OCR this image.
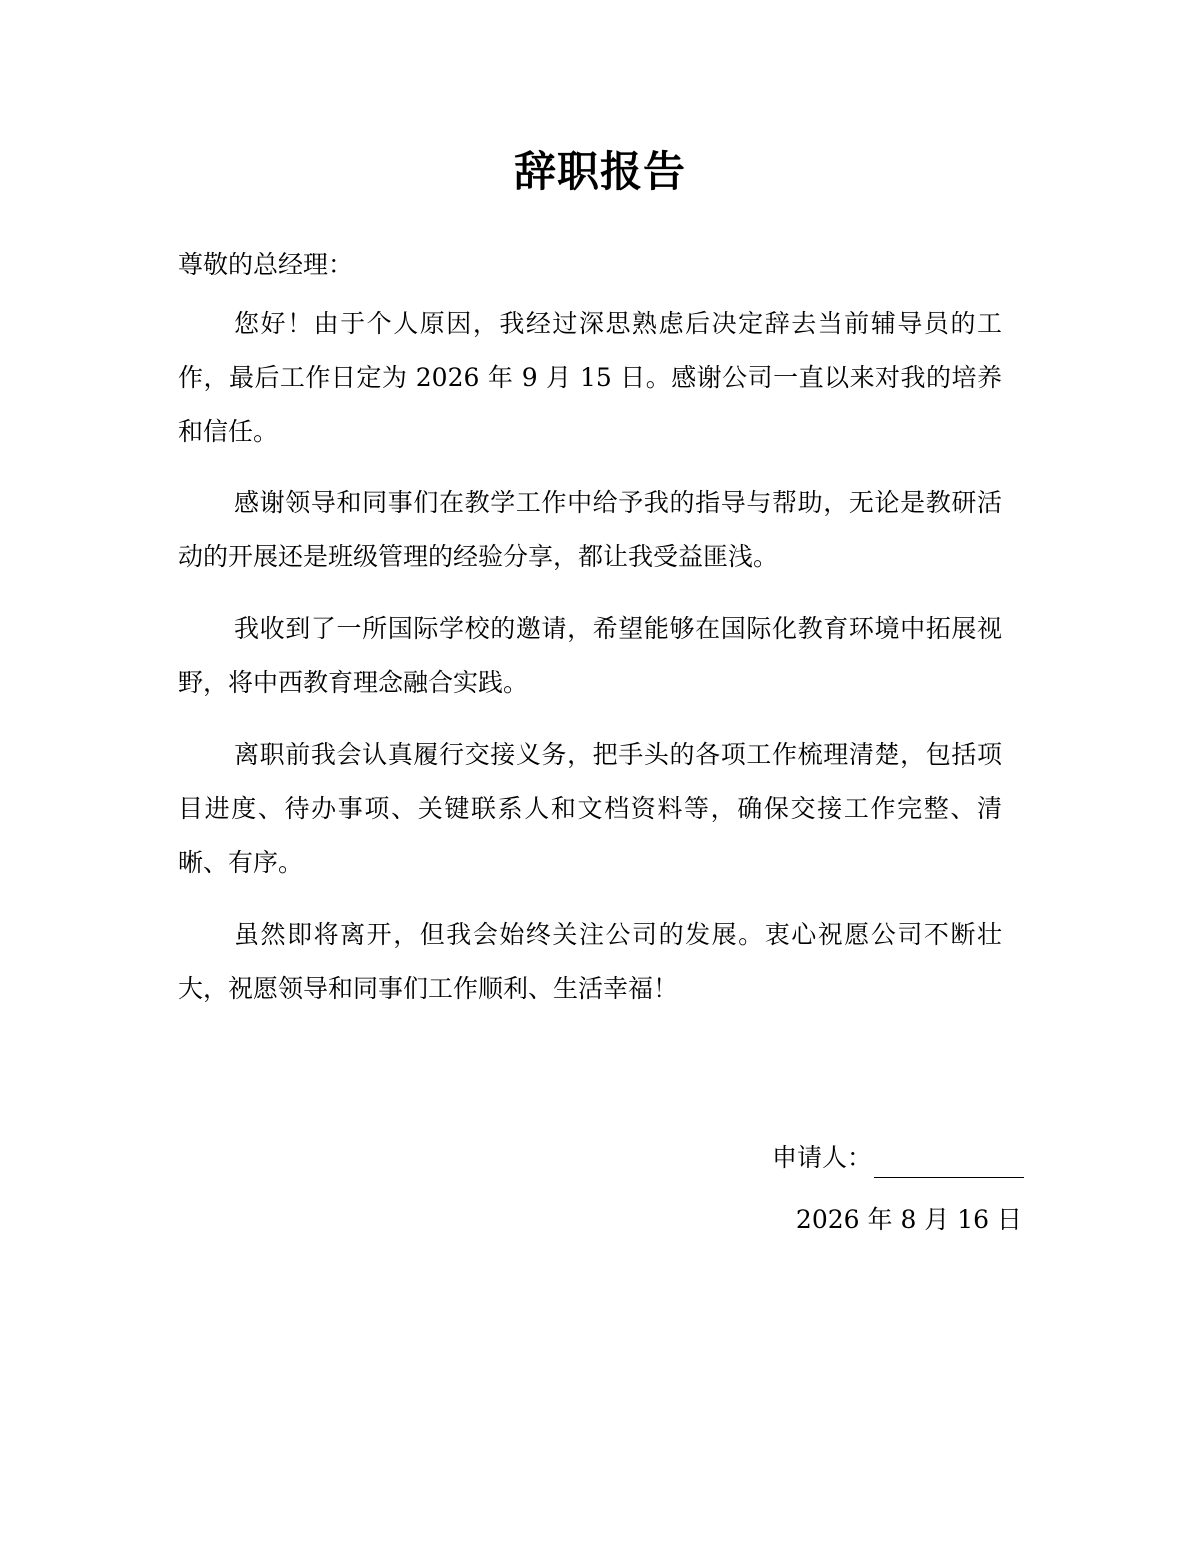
辞职报告

尊敬的总经理：

您好！由于个人原因，我经过深思熟虑后决定辞去当前辅导员的工作，最后工作日定为 2026 年 9 月 15 日。感谢公司一直以来对我的培养和信任。

感谢领导和同事们在教学工作中给予我的指导与帮助，无论是教研活动的开展还是班级管理的经验分享，都让我受益匪浅。

我收到了一所国际学校的邀请，希望能够在国际化教育环境中拓展视野，将中西教育理念融合实践。

离职前我会认真履行交接义务，把手头的各项工作梳理清楚，包括项目进度、待办事项、关键联系人和文档资料等，确保交接工作完整、清晰、有序。

虽然即将离开，但我会始终关注公司的发展。衷心祝愿公司不断壮大，祝愿领导和同事们工作顺利、生活幸福！

申请人：
2026 年 8 月 16 日
